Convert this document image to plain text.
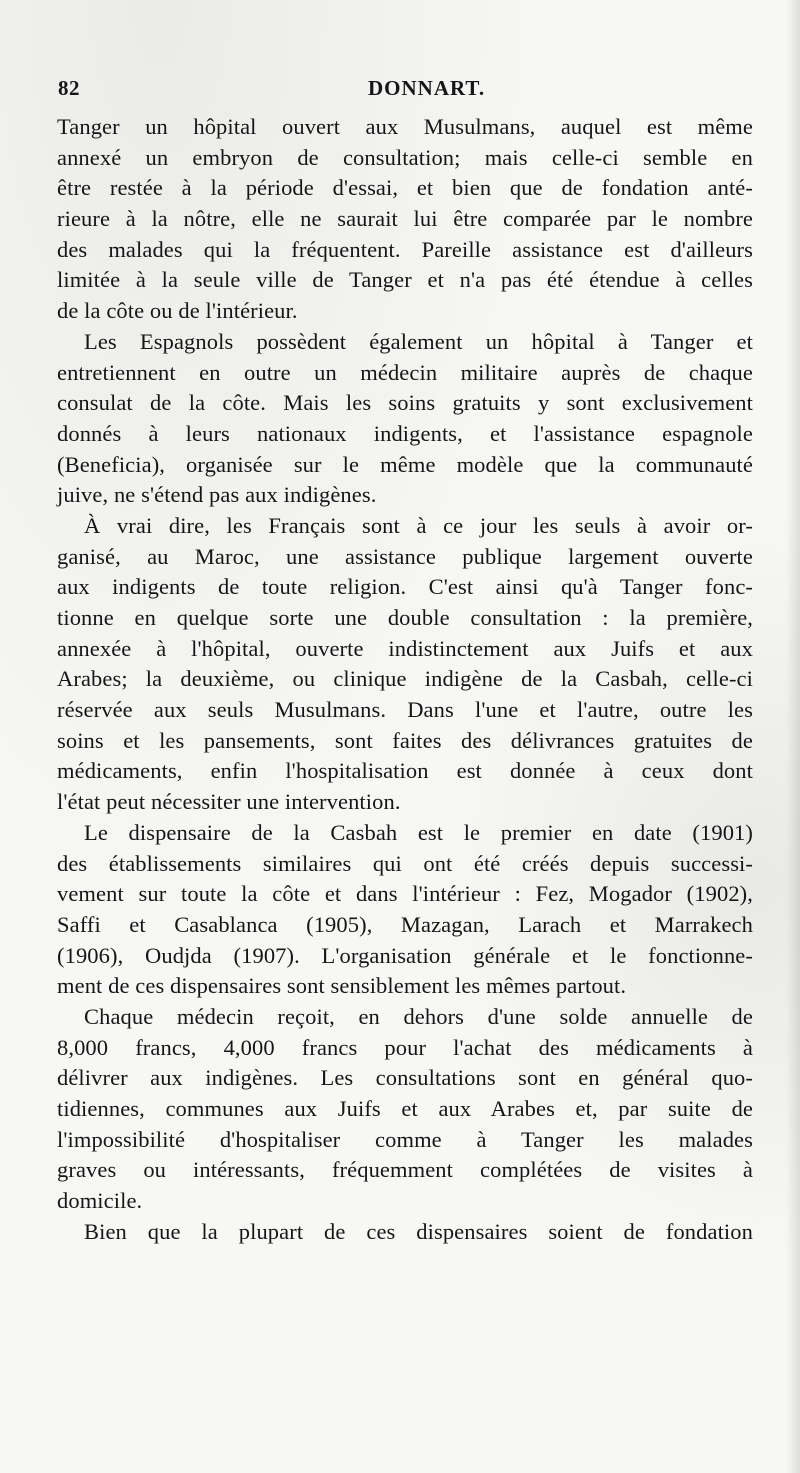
82	DONNART.
Tanger un hôpital ouvert aux Musulmans, auquel est même
annexé un embryon de consultation; mais celle-ci semble en
être restée à la période d'essai, et bien que de fondation anté-
rieure à la nôtre, elle ne saurait lui être comparée par le nombre
des malades qui la fréquentent. Pareille assistance est d'ailleurs
limitée à la seule ville de Tanger et n'a pas été étendue à celles
de la côte ou de l'intérieur.
Les Espagnols possèdent également un hôpital à Tanger et
entretiennent en outre un médecin militaire auprès de chaque
consulat de la côte. Mais les soins gratuits y sont exclusivement
donnés à leurs nationaux indigents, et l'assistance espagnole
(Beneficia), organisée sur le même modèle que la communauté
juive, ne s'étend pas aux indigènes.
À vrai dire, les Français sont à ce jour les seuls à avoir or-
ganisé, au Maroc, une assistance publique largement ouverte
aux indigents de toute religion. C'est ainsi qu'à Tanger fonc-
tionne en quelque sorte une double consultation : la première,
annexée à l'hôpital, ouverte indistinctement aux Juifs et aux
Arabes; la deuxième, ou clinique indigène de la Casbah, celle-ci
réservée aux seuls Musulmans. Dans l'une et l'autre, outre les
soins et les pansements, sont faites des délivrances gratuites de
médicaments, enfin l'hospitalisation est donnée à ceux dont
l'état peut nécessiter une intervention.
Le dispensaire de la Casbah est le premier en date (1901)
des établissements similaires qui ont été créés depuis successi-
vement sur toute la côte et dans l'intérieur : Fez, Mogador (1902),
Saffi et Casablanca (1905), Mazagan, Larach et Marrakech
(1906), Oudjda (1907). L'organisation générale et le fonctionne-
ment de ces dispensaires sont sensiblement les mêmes partout.
Chaque médecin reçoit, en dehors d'une solde annuelle de
8,000 francs, 4,000 francs pour l'achat des médicaments à
délivrer aux indigènes. Les consultations sont en général quo-
tidiennes, communes aux Juifs et aux Arabes et, par suite de
l'impossibilité d'hospitaliser comme à Tanger les malades
graves ou intéressants, fréquemment complétées de visites à
domicile.
Bien que la plupart de ces dispensaires soient de fondation
